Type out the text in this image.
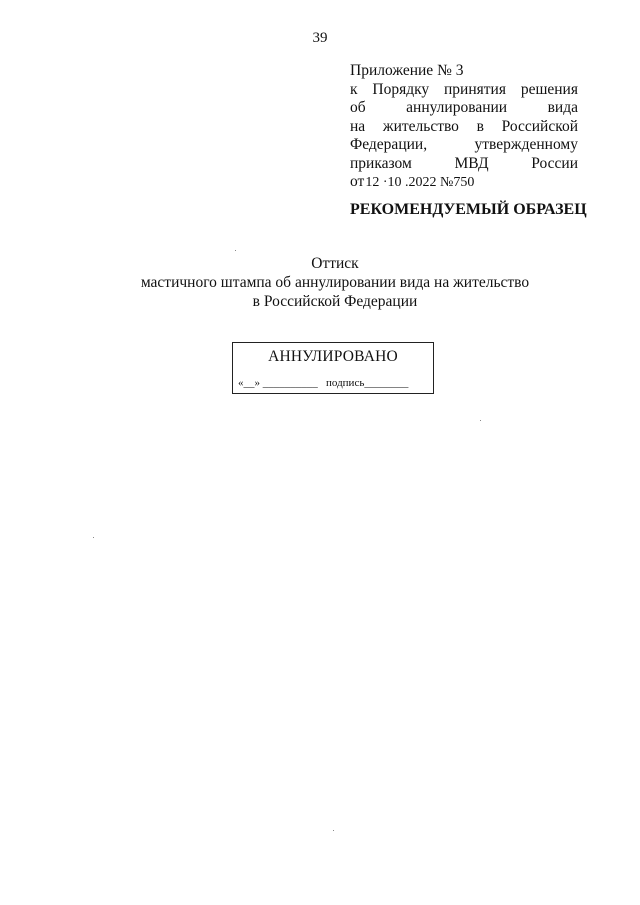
39
Приложение № 3
к Порядку принятия решения
об	аннулировании	вида
на жительство в Российской
Федерации,	утвержденному
приказом	МВД	России
от 12 ·10 .2022 №750
РЕКОМЕНДУЕМЫЙ ОБРАЗЕЦ
Оттиск
мастичного штампа об аннулировании вида на жительство
в Российской Федерации
АННУЛИРОВАНО
«__» __________ подпись________
